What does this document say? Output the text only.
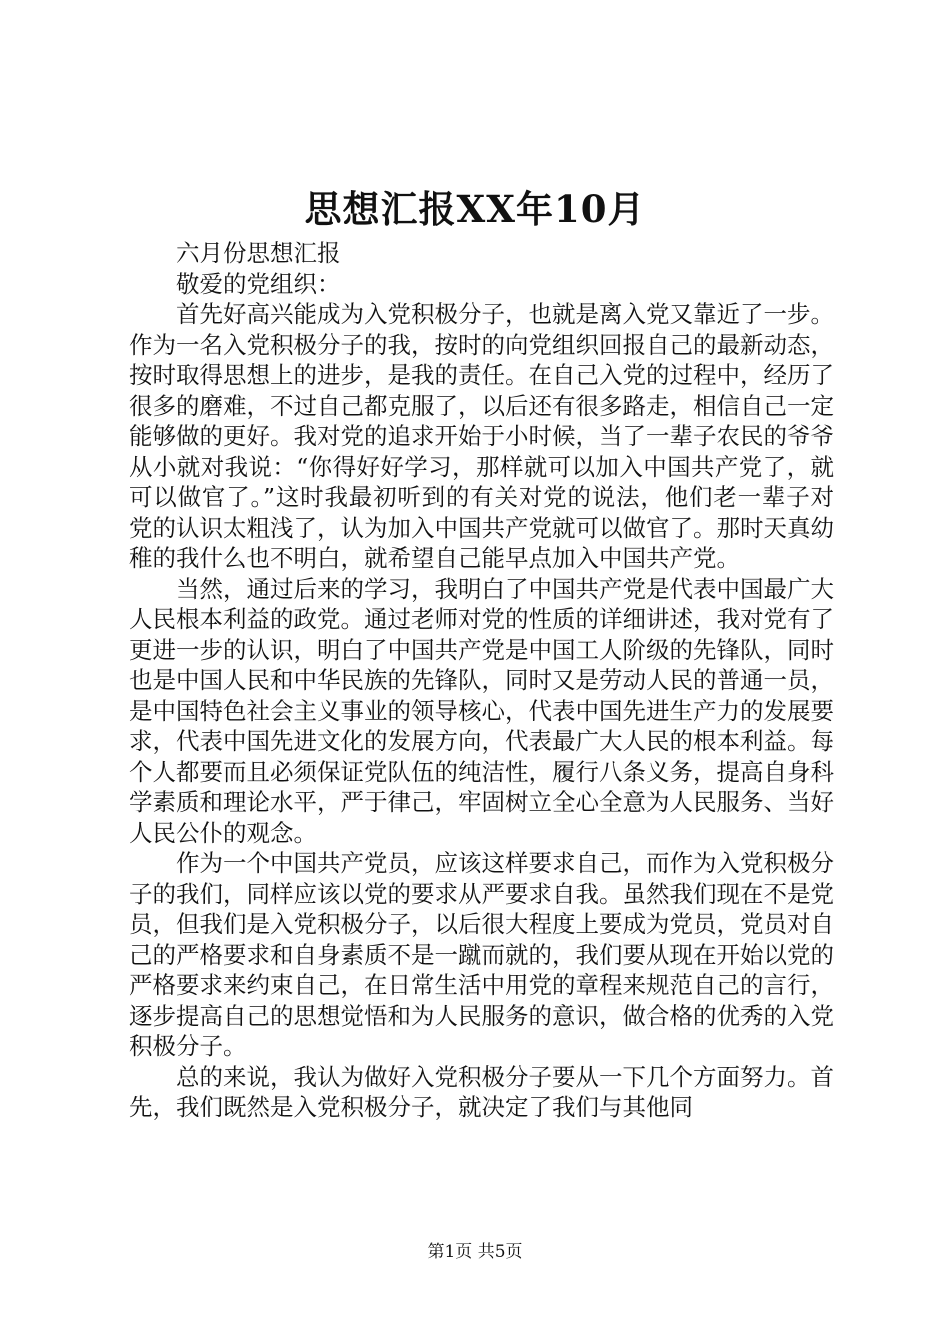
思想汇报XX年10月

六月份思想汇报

敬爱的党组织：

首先好高兴能成为入党积极分子，也就是离入党又靠近了一步。作为一名入党积极分子的我，按时的向党组织回报自己的最新动态，按时取得思想上的进步，是我的责任。在自己入党的过程中，经历了很多的磨难，不过自己都克服了，以后还有很多路走，相信自己一定能够做的更好。我对党的追求开始于小时候，当了一辈子农民的爷爷从小就对我说：“你得好好学习，那样就可以加入中国共产党了，就可以做官了。”这时我最初听到的有关对党的说法，他们老一辈子对党的认识太粗浅了，认为加入中国共产党就可以做官了。那时天真幼稚的我什么也不明白，就希望自己能早点加入中国共产党。

当然，通过后来的学习，我明白了中国共产党是代表中国最广大人民根本利益的政党。通过老师对党的性质的详细讲述，我对党有了更进一步的认识，明白了中国共产党是中国工人阶级的先锋队，同时也是中国人民和中华民族的先锋队，同时又是劳动人民的普通一员，是中国特色社会主义事业的领导核心，代表中国先进生产力的发展要求，代表中国先进文化的发展方向，代表最广大人民的根本利益。每个人都要而且必须保证党队伍的纯洁性，履行八条义务，提高自身科学素质和理论水平，严于律己，牢固树立全心全意为人民服务、当好人民公仆的观念。

作为一个中国共产党员，应该这样要求自己，而作为入党积极分子的我们，同样应该以党的要求从严要求自我。虽然我们现在不是党员，但我们是入党积极分子，以后很大程度上要成为党员，党员对自己的严格要求和自身素质不是一蹴而就的，我们要从现在开始以党的严格要求来约束自己，在日常生活中用党的章程来规范自己的言行，逐步提高自己的思想觉悟和为人民服务的意识，做合格的优秀的入党积极分子。

总的来说，我认为做好入党积极分子要从一下几个方面努力。首先，我们既然是入党积极分子，就决定了我们与其他同

第1页 共5页
